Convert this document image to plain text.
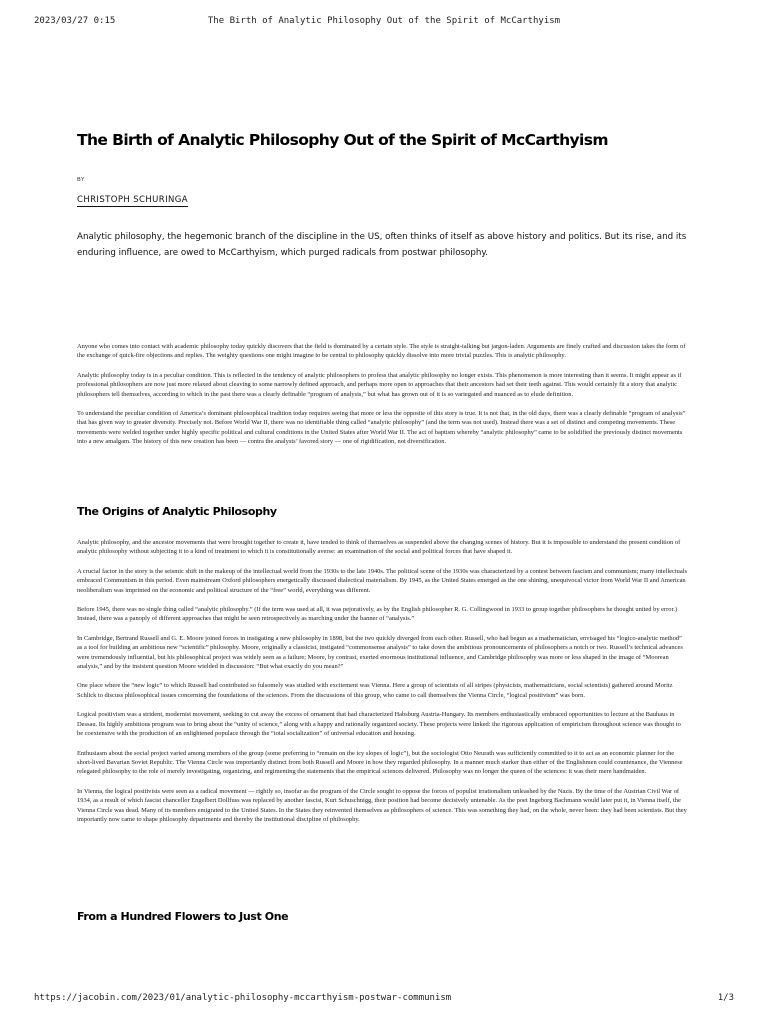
2023/03/27 0:15	The Birth of Analytic Philosophy Out of the Spirit of McCarthyism
The Birth of Analytic Philosophy Out of the Spirit of McCarthyism
BY
CHRISTOPH SCHURINGA

Analytic philosophy, the hegemonic branch of the discipline in the US, often thinks of itself as above history and politics. But its rise, and its enduring influence, are owed to McCarthyism, which purged radicals from postwar philosophy.

Anyone who comes into contact with academic philosophy today quickly discovers that the field is dominated by a certain style. The style is straight-talking but jargon-laden. Arguments are finely crafted and discussion takes the form of the exchange of quick-fire objections and replies. The weighty questions one might imagine to be central to philosophy quickly dissolve into more trivial puzzles. This is analytic philosophy.

Analytic philosophy today is in a peculiar condition. This is reflected in the tendency of analytic philosophers to profess that analytic philosophy no longer exists. This phenomenon is more interesting than it seems. It might appear as if professional philosophers are now just more relaxed about cleaving to some narrowly defined approach, and perhaps more open to approaches that their ancestors had set their teeth against. This would certainly fit a story that analytic philosophers tell themselves, according to which in the past there was a clearly definable “program of analysis,” but what has grown out of it is so variegated and nuanced as to elude definition.

To understand the peculiar condition of America’s dominant philosophical tradition today requires seeing that more or less the opposite of this story is true. It is not that, in the old days, there was a clearly definable “program of analysis” that has given way to greater diversity. Precisely not. Before World War II, there was no identifiable thing called “analytic philosophy” (and the term was not used). Instead there was a set of distinct and competing movements. These movements were welded together under highly specific political and cultural conditions in the United States after World War II. The act of baptism whereby “analytic philosophy” came to be solidified the previously distinct movements into a new amalgam. The history of this new creation has been — contra the analysts’ favored story — one of rigidification, not diversification.

The Origins of Analytic Philosophy

Analytic philosophy, and the ancestor movements that were brought together to create it, have tended to think of themselves as suspended above the changing scenes of history. But it is impossible to understand the present condition of analytic philosophy without subjecting it to a kind of treatment to which it is constitutionally averse: an examination of the social and political forces that have shaped it.

A crucial factor in the story is the seismic shift in the makeup of the intellectual world from the 1930s to the late 1940s. The political scene of the 1930s was characterized by a contest between fascism and communism; many intellectuals embraced Communism in this period. Even mainstream Oxford philosophers energetically discussed dialectical materialism. By 1945, as the United States emerged as the one shining, unequivocal victor from World War II and American neoliberalism was imprinted on the economic and political structure of the “free” world, everything was different.

Before 1945, there was no single thing called “analytic philosophy.” (If the term was used at all, it was pejoratively, as by the English philosopher R. G. Collingwood in 1933 to group together philosophers he thought united by error.) Instead, there was a panoply of different approaches that might be seen retrospectively as marching under the banner of “analysis.”

In Cambridge, Bertrand Russell and G. E. Moore joined forces in instigating a new philosophy in 1898, but the two quickly diverged from each other. Russell, who had begun as a mathematician, envisaged his “logico-analytic method” as a tool for building an ambitious new “scientific” philosophy. Moore, originally a classicist, instigated “commonsense analysis” to take down the ambitious pronouncements of philosophers a notch or two. Russell’s technical advances were tremendously influential, but his philosophical project was widely seen as a failure; Moore, by contrast, exerted enormous institutional influence, and Cambridge philosophy was more or less shaped in the image of “Moorean analysis,” and by the insistent question Moore wielded in discussion: “But what exactly do you mean?”

One place where the “new logic” to which Russell had contributed so fulsomely was studied with excitement was Vienna. Here a group of scientists of all stripes (physicists, mathematicians, social scientists) gathered around Moritz Schlick to discuss philosophical issues concerning the foundations of the sciences. From the discussions of this group, who came to call themselves the Vienna Circle, “logical positivism” was born.

Logical positivism was a strident, modernist movement, seeking to cut away the excess of ornament that had characterized Habsburg Austria-Hungary. Its members enthusiastically embraced opportunities to lecture at the Bauhaus in Dessau. Its highly ambitious program was to bring about the “unity of science,” along with a happy and rationally organized society. These projects were linked: the rigorous application of empiricism throughout science was thought to be coextensive with the production of an enlightened populace through the “total socialization” of universal education and housing.

Enthusiasm about the social project varied among members of the group (some preferring to “remain on the icy slopes of logic”), but the sociologist Otto Neurath was sufficiently committed to it to act as an economic planner for the short-lived Bavarian Soviet Republic. The Vienna Circle was importantly distinct from both Russell and Moore in how they regarded philosophy. In a manner much starker than either of the Englishmen could countenance, the Viennese relegated philosophy to the role of merely investigating, organizing, and regimenting the statements that the empirical sciences delivered. Philosophy was no longer the queen of the sciences: it was their mere handmaiden.

In Vienna, the logical positivists were seen as a radical movement — rightly so, insofar as the program of the Circle sought to oppose the forces of populist irrationalism unleashed by the Nazis. By the time of the Austrian Civil War of 1934, as a result of which fascist chancellor Engelbert Dollfuss was replaced by another fascist, Kurt Schuschnigg, their position had become decisively untenable. As the poet Ingeborg Bachmann would later put it, in Vienna itself, the Vienna Circle was dead. Many of its members emigrated to the United States. In the States they reinvented themselves as philosophers of science. This was something they had, on the whole, never been: they had been scientists. But they importantly now came to shape philosophy departments and thereby the institutional discipline of philosophy.

From a Hundred Flowers to Just One
https://jacobin.com/2023/01/analytic-philosophy-mccarthyism-postwar-communism	1/3
